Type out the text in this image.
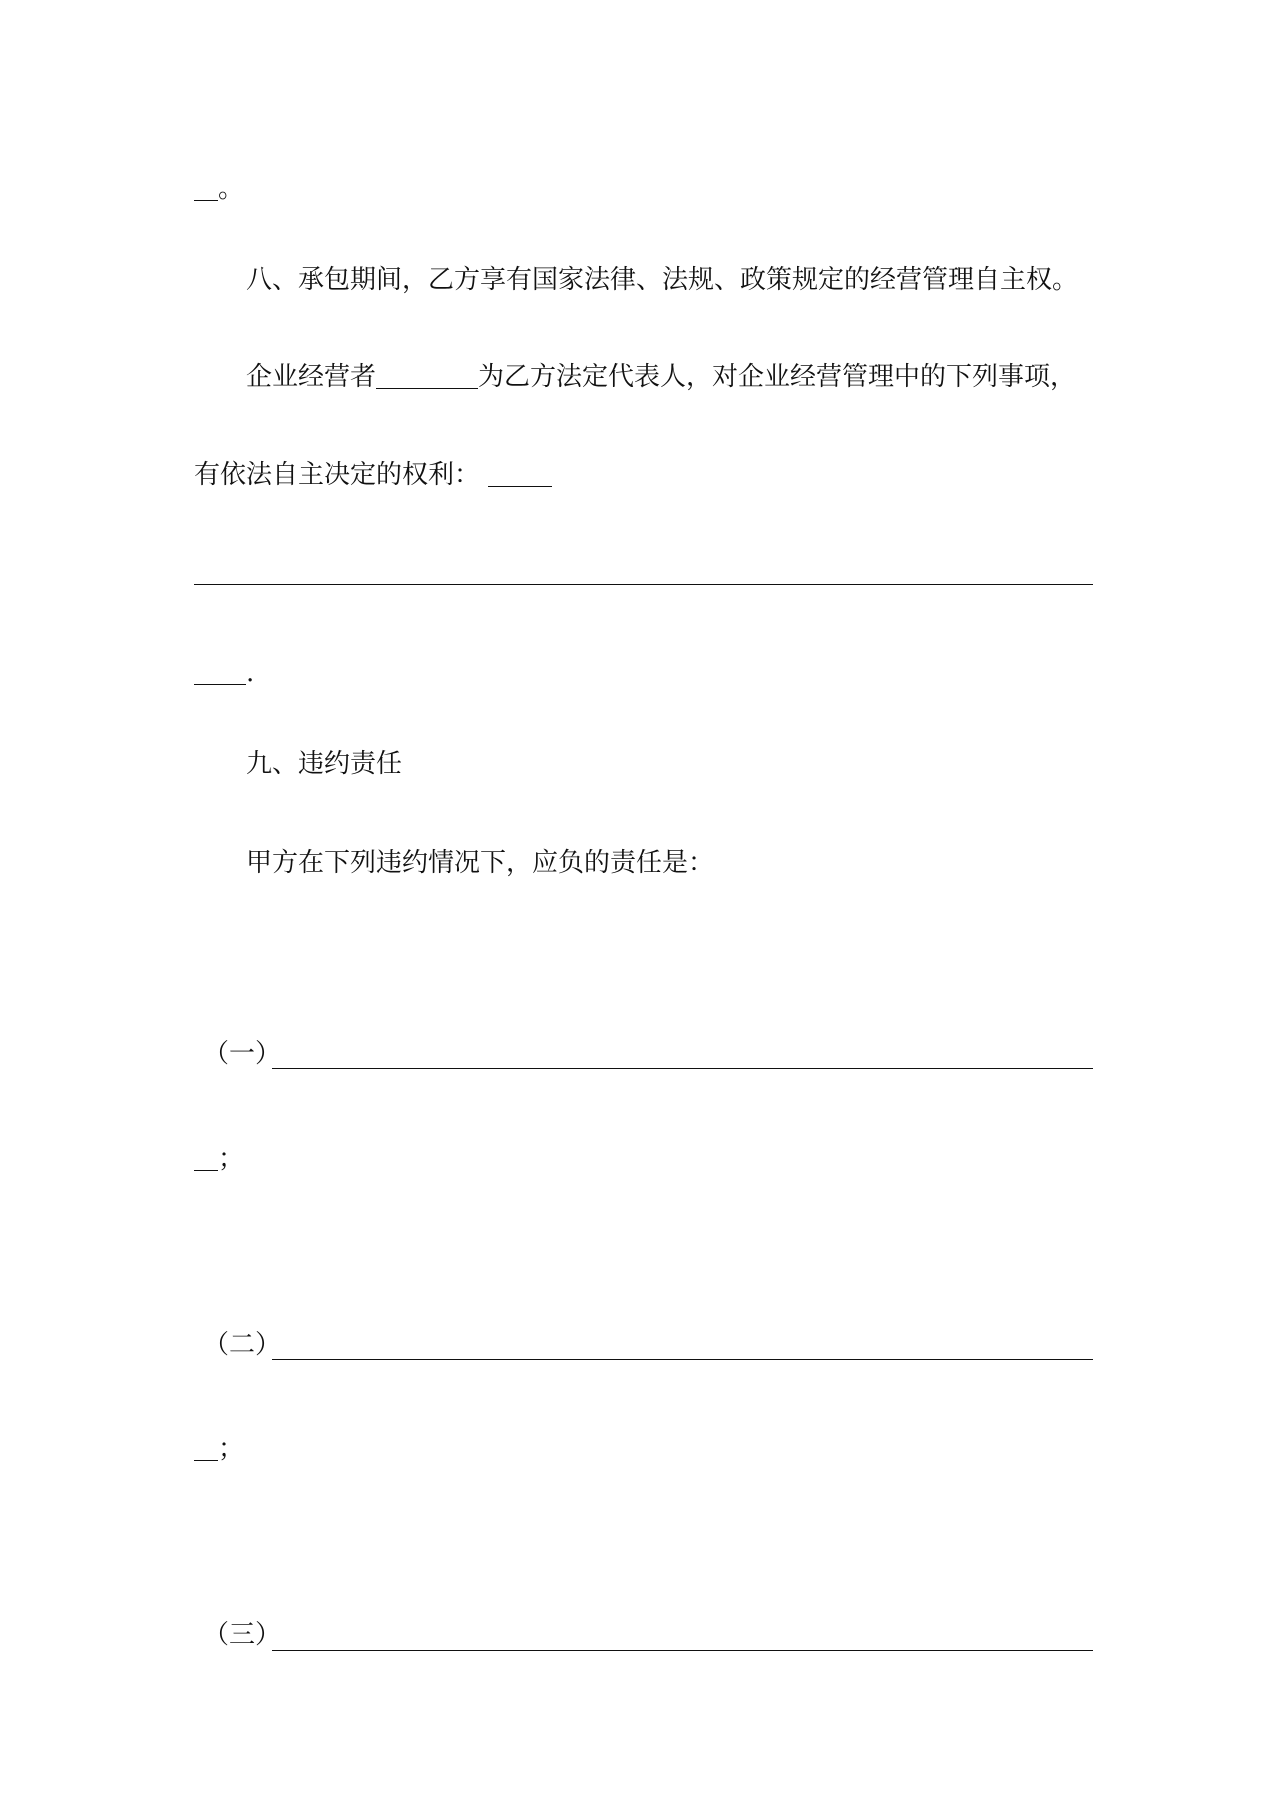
。
八、承包期间，乙方享有国家法律、法规、政策规定的经营管理自主权。
企业经营者	为乙方法定代表人，对企业经营管理中的下列事项，
有依法自主决定的权利：
.
九、违约责任
甲方在下列违约情况下，应负的责任是：
（一）
；
（二）
；
（三）
